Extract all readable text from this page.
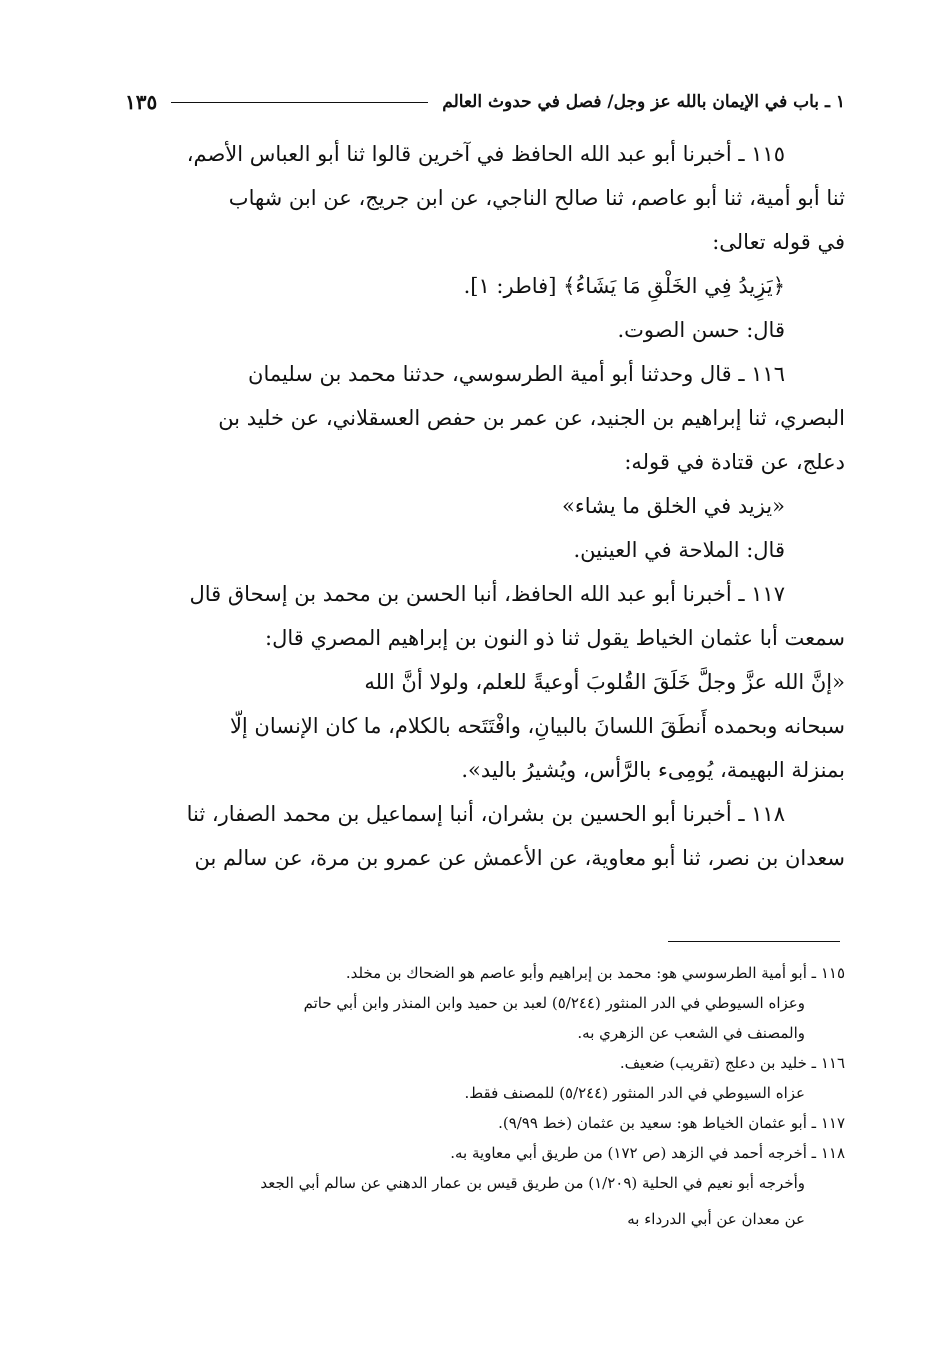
١ ـ باب في الإيمان بالله عز وجل/ فصل في حدوث العالم
١٣٥
١١٥ ـ أخبرنا أبو عبد الله الحافظ في آخرين قالوا ثنا أبو العباس الأصم،
ثنا أبو أمية، ثنا أبو عاصم، ثنا صالح الناجي، عن ابن جريج، عن ابن شهاب
في قوله تعالى:
﴿يَزِيدُ فِي الخَلْقِ مَا يَشَاءُ﴾ [فاطر: ١].
قال: حسن الصوت.
١١٦ ـ قال وحدثنا أبو أمية الطرسوسي، حدثنا محمد بن سليمان
البصري، ثنا إبراهيم بن الجنيد، عن عمر بن حفص العسقلاني، عن خليد بن
دعلج، عن قتادة في قوله:
«يزيد في الخلق ما يشاء»
قال: الملاحة في العينين.
١١٧ ـ أخبرنا أبو عبد الله الحافظ، أنبا الحسن بن محمد بن إسحاق قال
سمعت أبا عثمان الخياط يقول ثنا ذو النون بن إبراهيم المصري قال:
«إنَّ الله عزَّ وجلَّ خَلَقَ القُلوبَ أوعيةً للعلم، ولولا أنَّ الله
سبحانه وبحمده أَنطَقَ اللسانَ بالبيانِ، وافْتَتَحه بالكلام، ما كان الإنسان إلّا
بمنزلة البهيمة، يُومِىء بالرَّأس، ويُشيرُ باليد».
١١٨ ـ أخبرنا أبو الحسين بن بشران، أنبا إسماعيل بن محمد الصفار، ثنا
سعدان بن نصر، ثنا أبو معاوية، عن الأعمش عن عمرو بن مرة، عن سالم بن
١١٥ ـ أبو أمية الطرسوسي هو: محمد بن إبراهيم وأبو عاصم هو الضحاك بن مخلد.
وعزاه السيوطي في الدر المنثور (٥/٢٤٤) لعبد بن حميد وابن المنذر وابن أبي حاتم
والمصنف في الشعب عن الزهري به.
١١٦ ـ خليد بن دعلج (تقريب) ضعيف.
عزاه السيوطي في الدر المنثور (٥/٢٤٤) للمصنف فقط.
١١٧ ـ أبو عثمان الخياط هو: سعيد بن عثمان (خط ٩/٩٩).
١١٨ ـ أخرجه أحمد في الزهد (ص ١٧٢) من طريق أبي معاوية به.
وأخرجه أبو نعيم في الحلية (١/٢٠٩) من طريق قيس بن عمار الدهني عن سالم أبي الجعد
عن معدان عن أبي الدرداء به
